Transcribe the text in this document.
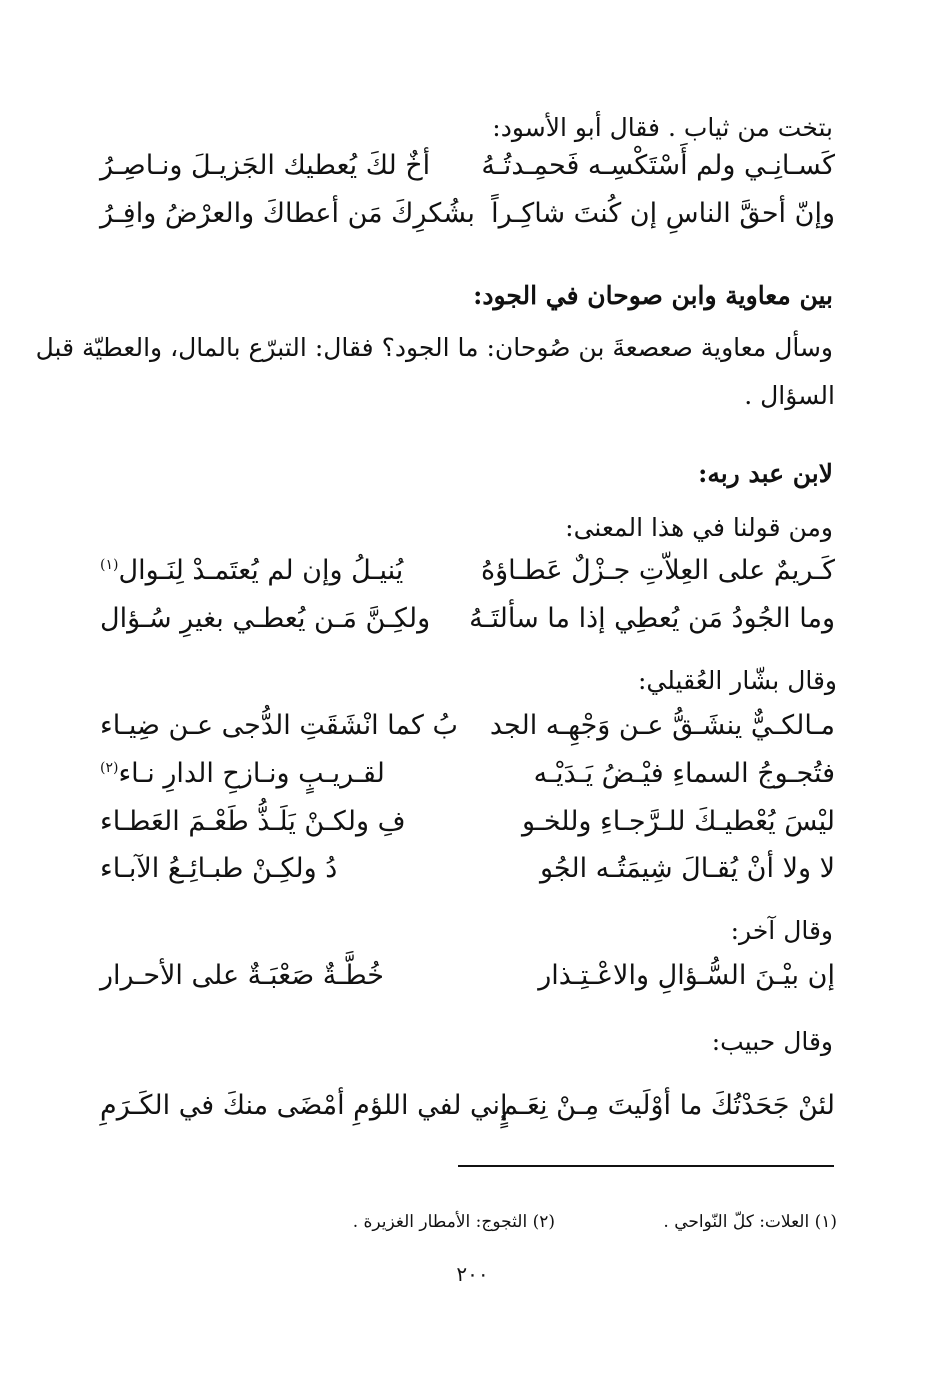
بتخت من ثياب . فقال أبو الأسود:
كَسـانِـي ولم أَسْتَكْسِـه فَحمِـدتُـهُ
أخٌ لكَ يُعطيك الجَزيـلَ ونـاصِـرُ
وإنّ أحقَّ الناسِ إن كُنتَ شاكِـراً
بشُكرِكَ مَن أعطاكَ والعرْضُ وافِـرُ
بين معاوية وابن صوحان في الجود:
وسأل معاوية صعصعةَ بن صُوحان: ما الجود؟ فقال: التبرّع بالمال، والعطيّة قبل
السؤال .
لابن عبد ربه:
ومن قولنا في هذا المعنى:
كَـريمٌ على العِلاّتِ جـزْلٌ عَطـاؤهُ
يُنيـلُ وإن لم يُعتَمـدْ لِنَـوال$^{(١)}$
وما الجُودُ مَن يُعطِي إذا ما سألتَـهُ
ولكِـنَّ مَـن يُعطـي بغيرِ سُـؤال
وقال بشّار العُقيلي:
مـالكـيٌّ ينشَـقُّ عـن وَجْهِـه الجد
بُ كما انْشَقَتِ الدُّجى عـن ضِيـاء
فتُجـوجُ السماءِ فيْـضُ يَـدَيْـه
لقـريـبٍ ونـازحِ الدارِ نـاء$^{(٢)}$
ليْسَ يُعْطيـكَ للـرَّجـاءِ وللخـو
فِ ولكـنْ يَلَـذُّ طَعْـمَ العَطـاء
لا ولا أنْ يُقـالَ شِيمَتُـه الجُو
دُ ولكِـنْ طبـائِـعُ الآبـاء
وقال آخر:
إن بيْـنَ السُّـؤالِ والاعْـتِـذار
خُطَّـةٌ صَعْبَـةٌ على الأحـرار
وقال حبيب:
لئنْ جَحَدْتُكَ ما أوْلَيتَ مِـنْ نِعَـمٍ
إني لفي اللؤمِ أمْضَى منكَ في الكَـرَمِ
(١) العلات: كلّ النّواحي .
(٢) الثجوج: الأمطار الغزيرة .
٢٠٠
